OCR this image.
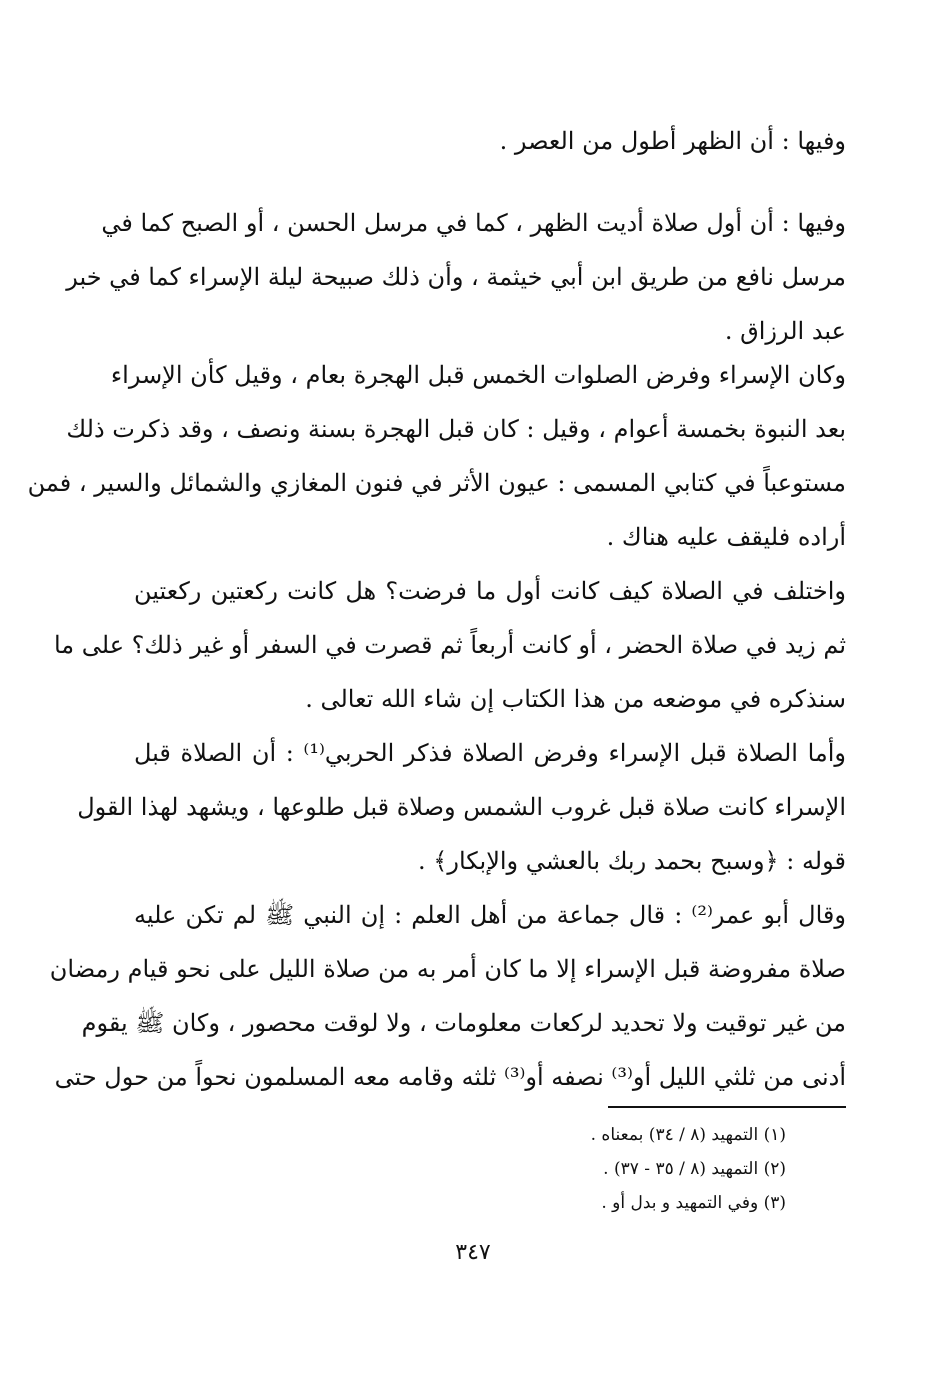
وفيها : أن الظهر أطول من العصر .
وفيها : أن أول صلاة أديت الظهر ، كما في مرسل الحسن ، أو الصبح كما في
مرسل نافع من طريق ابن أبي خيثمة ، وأن ذلك صبيحة ليلة الإسراء كما في خبر
عبد الرزاق .
وكان الإسراء وفرض الصلوات الخمس قبل الهجرة بعام ، وقيل كأن الإسراء
بعد النبوة بخمسة أعوام ، وقيل : كان قبل الهجرة بسنة ونصف ، وقد ذكرت ذلك
مستوعباً في كتابي المسمى : عيون الأثر في فنون المغازي والشمائل والسير ، فمن
أراده فليقف عليه هناك .
واختلف في الصلاة كيف كانت أول ما فرضت؟ هل كانت ركعتين ركعتين
ثم زيد في صلاة الحضر ، أو كانت أربعاً ثم قصرت في السفر أو غير ذلك؟ على ما
سنذكره في موضعه من هذا الكتاب إن شاء الله تعالى .
وأما الصلاة قبل الإسراء وفرض الصلاة فذكر الحربي⁽¹⁾ : أن الصلاة قبل
الإسراء كانت صلاة قبل غروب الشمس وصلاة قبل طلوعها ، ويشهد لهذا القول
قوله : ﴿وسبح بحمد ربك بالعشي والإبكار﴾ .
وقال أبو عمر⁽²⁾ : قال جماعة من أهل العلم : إن النبي ﷺ لم تكن عليه
صلاة مفروضة قبل الإسراء إلا ما كان أمر به من صلاة الليل على نحو قيام رمضان
من غير توقيت ولا تحديد لركعات معلومات ، ولا لوقت محصور ، وكان ﷺ يقوم
أدنى من ثلثي الليل أو⁽³⁾ نصفه أو⁽³⁾ ثلثه وقامه معه المسلمون نحواً من حول حتى
(١) التمهيد (٨ / ٣٤) بمعناه .
(٢) التمهيد (٨ / ٣٥ - ٣٧) .
(٣) وفي التمهيد و بدل أو .
٣٤٧
